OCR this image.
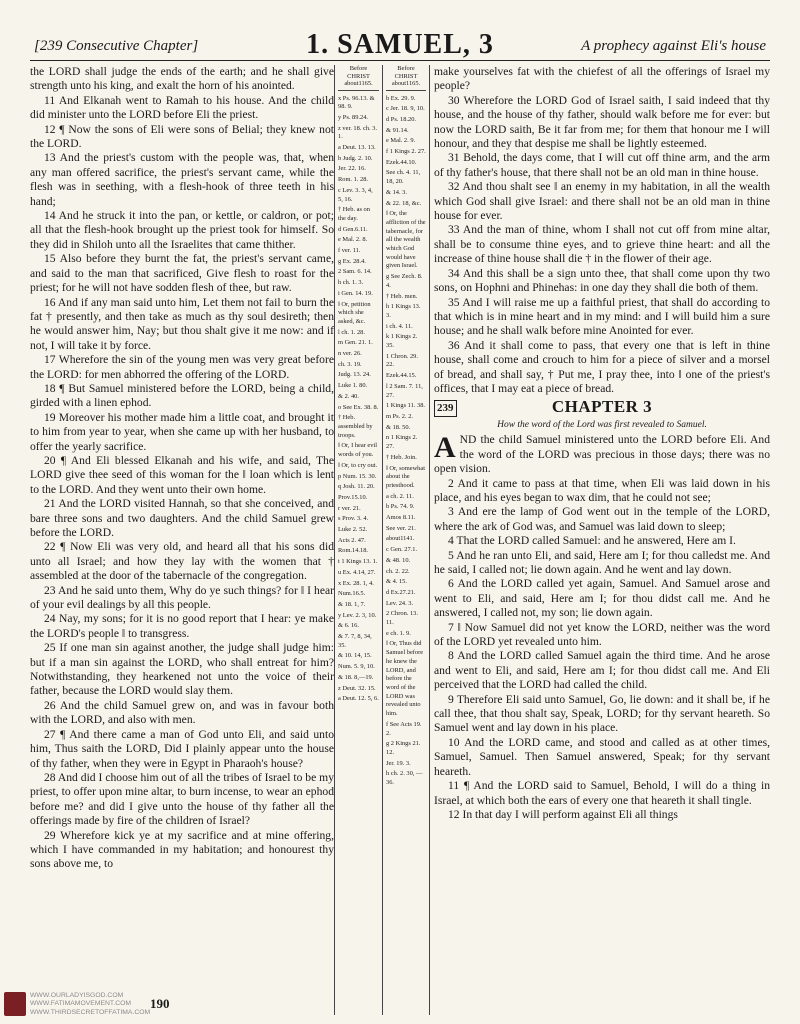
[239 Consecutive Chapter]	1. SAMUEL, 3	A prophecy against Eli's house

the LORD shall judge the ends of the earth; and he shall give strength unto his king, and exalt the horn of his anointed.

11 And Elkanah went to Ramah to his house. And the child did minister unto the LORD before Eli the priest.

12 ¶ Now the sons of Eli were sons of Belial; they knew not the LORD.

13 And the priest's custom with the people was, that, when any man offered sacrifice, the priest's servant came, while the flesh was in seething, with a flesh-hook of three teeth in his hand;

14 And he struck it into the pan, or kettle, or caldron, or pot; all that the flesh-hook brought up the priest took for himself. So they did in Shiloh unto all the Israelites that came thither.

15 Also before they burnt the fat, the priest's servant came, and said to the man that sacrificed, Give flesh to roast for the priest; for he will not have sodden flesh of thee, but raw.

16 And if any man said unto him, Let them not fail to burn the fat † presently, and then take as much as thy soul desireth; then he would answer him, Nay; but thou shalt give it me now: and if not, I will take it by force.

17 Wherefore the sin of the young men was very great before the LORD: for men abhorred the offering of the LORD.

18 ¶ But Samuel ministered before the LORD, being a child, girded with a linen ephod.

19 Moreover his mother made him a little coat, and brought it to him from year to year, when she came up with her husband, to offer the yearly sacrifice.

20 ¶ And Eli blessed Elkanah and his wife, and said, The LORD give thee seed of this woman for the ‖ loan which is lent to the LORD. And they went unto their own home.

21 And the LORD visited Hannah, so that she conceived, and bare three sons and two daughters. And the child Samuel grew before the LORD.

22 ¶ Now Eli was very old, and heard all that his sons did unto all Israel; and how they lay with the women that † assembled at the door of the tabernacle of the congregation.

23 And he said unto them, Why do ye such things? for ‖ I hear of your evil dealings by all this people.

24 Nay, my sons; for it is no good report that I hear: ye make the LORD's people ‖ to transgress.

25 If one man sin against another, the judge shall judge him: but if a man sin against the LORD, who shall entreat for him? Notwithstanding, they hearkened not unto the voice of their father, because the LORD would slay them.

26 And the child Samuel grew on, and was in favour both with the LORD, and also with men.

27 ¶ And there came a man of God unto Eli, and said unto him, Thus saith the LORD, Did I plainly appear unto the house of thy father, when they were in Egypt in Pharaoh's house?

28 And did I choose him out of all the tribes of Israel to be my priest, to offer upon mine altar, to burn incense, to wear an ephod before me? and did I give unto the house of thy father all the offerings made by fire of the children of Israel?

29 Wherefore kick ye at my sacrifice and at mine offering, which I have commanded in my habitation; and honourest thy sons above me, to

Before CHRIST about1165.
x Ps. 96.13. & 98. 9.
y Ps. 89.24.
z ver. 18. ch. 3. 1.
a Deut. 13. 13.
b Judg. 2. 10.
Jer. 22. 16.
Rom. 1. 28.
c Lev. 3. 3, 4, 5, 16.
† Heb. as on the day.
d Gen.6.11.
e Mal. 2. 8.
f ver. 11.
g Ex. 28.4.
2 Sam. 6. 14.
h ch. 1. 3.
i Gen. 14. 19.
‖ Or, petition which she asked, &c.
l ch. 1. 28.
m Gen. 21. 1.
n ver. 26.
ch. 3. 19.
Judg. 13. 24.
Luke 1. 80.
& 2. 40.
o See Ex. 38. 8.
† Heb. assembled by troops.
‖ Or, I hear evil words of you.
‖ Or, to cry out.
p Num. 15. 30.
q Josh. 11. 20.
Prov.15.10.
r ver. 21.
s Prov. 3. 4.
Luke 2. 52.
Acts 2. 47.
Rom.14.18.
t 1 Kings 13. 1.
u Ex. 4.14, 27.
x Ex. 28. 1, 4.
Num.16.5.
& 18. 1, 7.
y Lev. 2. 3, 10.
& 6. 16.
& 7. 7, 8, 34, 35.
& 10. 14, 15.
Num. 5. 9, 10.
& 18. 8,—19.
z Deut. 32. 15.
a Deut. 12. 5, 6.
Before CHRIST about1165.
b Ex. 29. 9.
c Jer. 18. 9, 10.
d Ps. 18.20.
& 91.14.
e Mal. 2. 9.
f 1 Kings 2. 27.
Ezek.44.10.
See ch. 4. 11, 18, 20.
& 14. 3.
& 22. 18, &c.
‖ Or, the affliction of the tabernacle, for all the wealth which God would have given Israel.
g See Zech. 8. 4.
† Heb. men.
h 1 Kings 13. 3.
i ch. 4. 11.
k 1 Kings 2. 35.
1 Chron. 29. 22.
Ezek.44.15.
l 2 Sam. 7. 11, 27.
1 Kings 11. 38.
m Ps. 2. 2.
& 18. 50.
n 1 Kings 2. 27.
† Heb. Join.
‖ Or, somewhat about the priesthood.
a ch. 2. 11.
b Ps. 74. 9.
Amos 8.11.
See ver. 21.
about1141.
c Gen. 27.1.
& 48. 10.
ch. 2. 22.
& 4. 15.
d Ex.27.21.
Lev. 24. 3.
2 Chron. 13. 11.
e ch. 1. 9.
‖ Or, Thus did Samuel before he knew the LORD, and before the word of the LORD was revealed unto him.
f See Acts 19. 2.
g 2 Kings 21. 12.
Jer. 19. 3.
h ch. 2. 30, —36.

make yourselves fat with the chiefest of all the offerings of Israel my people?

30 Wherefore the LORD God of Israel saith, I said indeed that thy house, and the house of thy father, should walk before me for ever: but now the LORD saith, Be it far from me; for them that honour me I will honour, and they that despise me shall be lightly esteemed.

31 Behold, the days come, that I will cut off thine arm, and the arm of thy father's house, that there shall not be an old man in thine house.

32 And thou shalt see ‖ an enemy in my habitation, in all the wealth which God shall give Israel: and there shall not be an old man in thine house for ever.

33 And the man of thine, whom I shall not cut off from mine altar, shall be to consume thine eyes, and to grieve thine heart: and all the increase of thine house shall die † in the flower of their age.

34 And this shall be a sign unto thee, that shall come upon thy two sons, on Hophni and Phinehas: in one day they shall die both of them.

35 And I will raise me up a faithful priest, that shall do according to that which is in mine heart and in my mind: and I will build him a sure house; and he shall walk before mine Anointed for ever.

36 And it shall come to pass, that every one that is left in thine house, shall come and crouch to him for a piece of silver and a morsel of bread, and shall say, † Put me, I pray thee, into ‖ one of the priest's offices, that I may eat a piece of bread.

239	CHAPTER 3
How the word of the Lord was first revealed to Samuel.
A ND the child Samuel ministered unto the LORD before Eli. And the word of the LORD was precious in those days; there was no open vision.

2 And it came to pass at that time, when Eli was laid down in his place, and his eyes began to wax dim, that he could not see;

3 And ere the lamp of God went out in the temple of the LORD, where the ark of God was, and Samuel was laid down to sleep;

4 That the LORD called Samuel: and he answered, Here am I.

5 And he ran unto Eli, and said, Here am I; for thou calledst me. And he said, I called not; lie down again. And he went and lay down.

6 And the LORD called yet again, Samuel. And Samuel arose and went to Eli, and said, Here am I; for thou didst call me. And he answered, I called not, my son; lie down again.

7 ‖ Now Samuel did not yet know the LORD, neither was the word of the LORD yet revealed unto him.

8 And the LORD called Samuel again the third time. And he arose and went to Eli, and said, Here am I; for thou didst call me. And Eli perceived that the LORD had called the child.

9 Therefore Eli said unto Samuel, Go, lie down: and it shall be, if he call thee, that thou shalt say, Speak, LORD; for thy servant heareth. So Samuel went and lay down in his place.

10 And the LORD came, and stood and called as at other times, Samuel, Samuel. Then Samuel answered, Speak; for thy servant heareth.

11 ¶ And the LORD said to Samuel, Behold, I will do a thing in Israel, at which both the ears of every one that heareth it shall tingle.

12 In that day I will perform against Eli all things

WWW.OURLADYISGOD.COM
WWW.FATIMAMOVEMENT.COM
WWW.THIRDSECRETOFFATIMA.COM
190
